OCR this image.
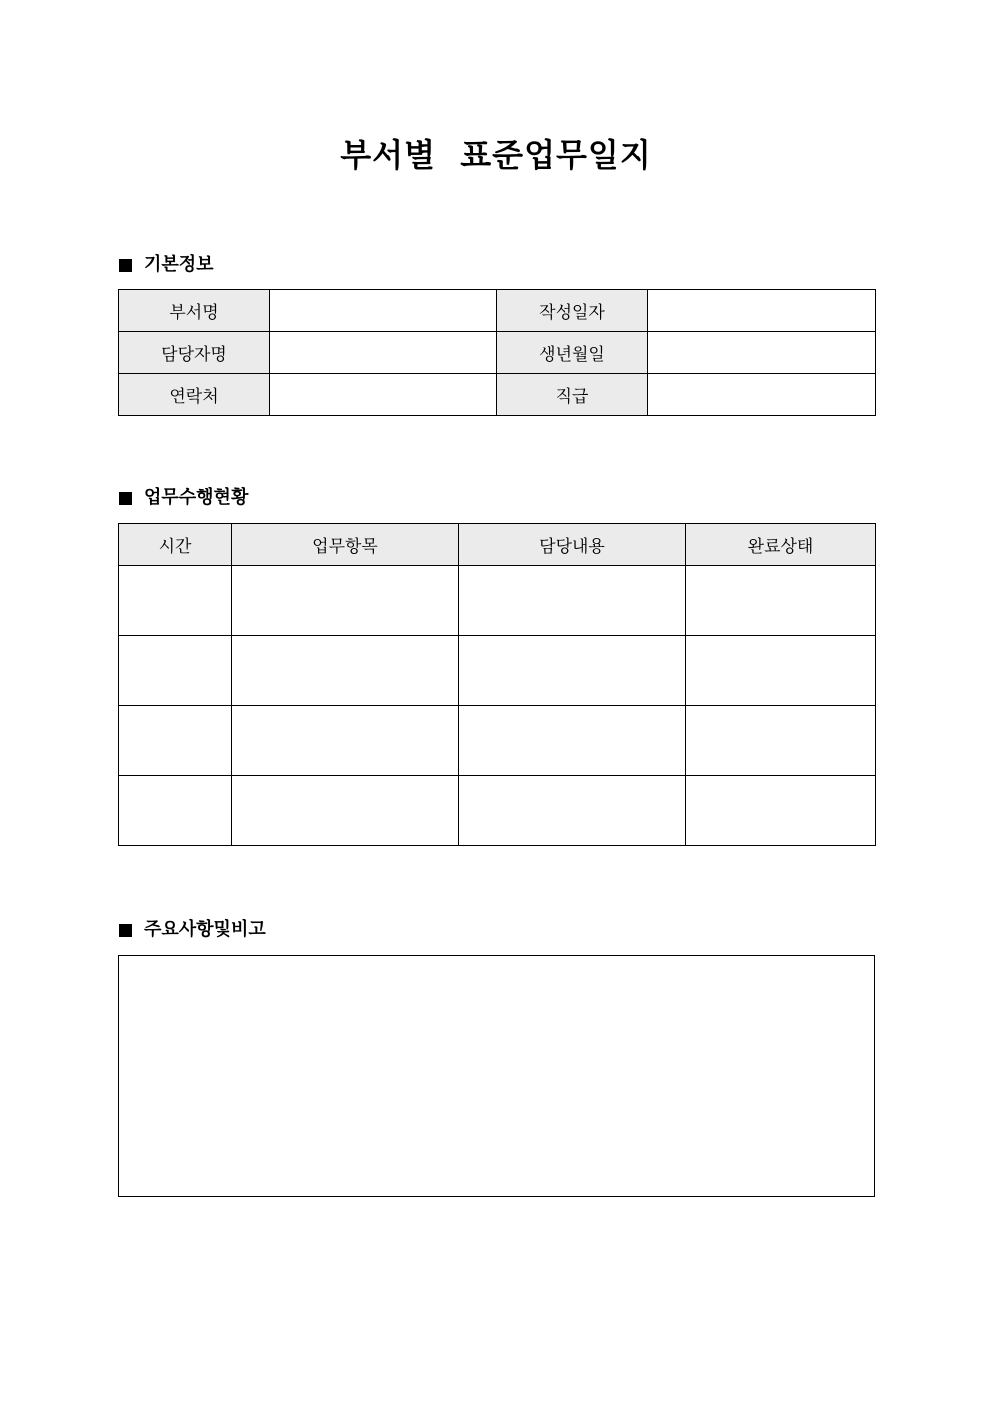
부서별  표준업무일지
기본정보
부서명		작성일자	
담당자명		생년월일	
연락처		직급	
업무수행현황
시간	업무항목	담당내용	완료상태

주요사항및비고
